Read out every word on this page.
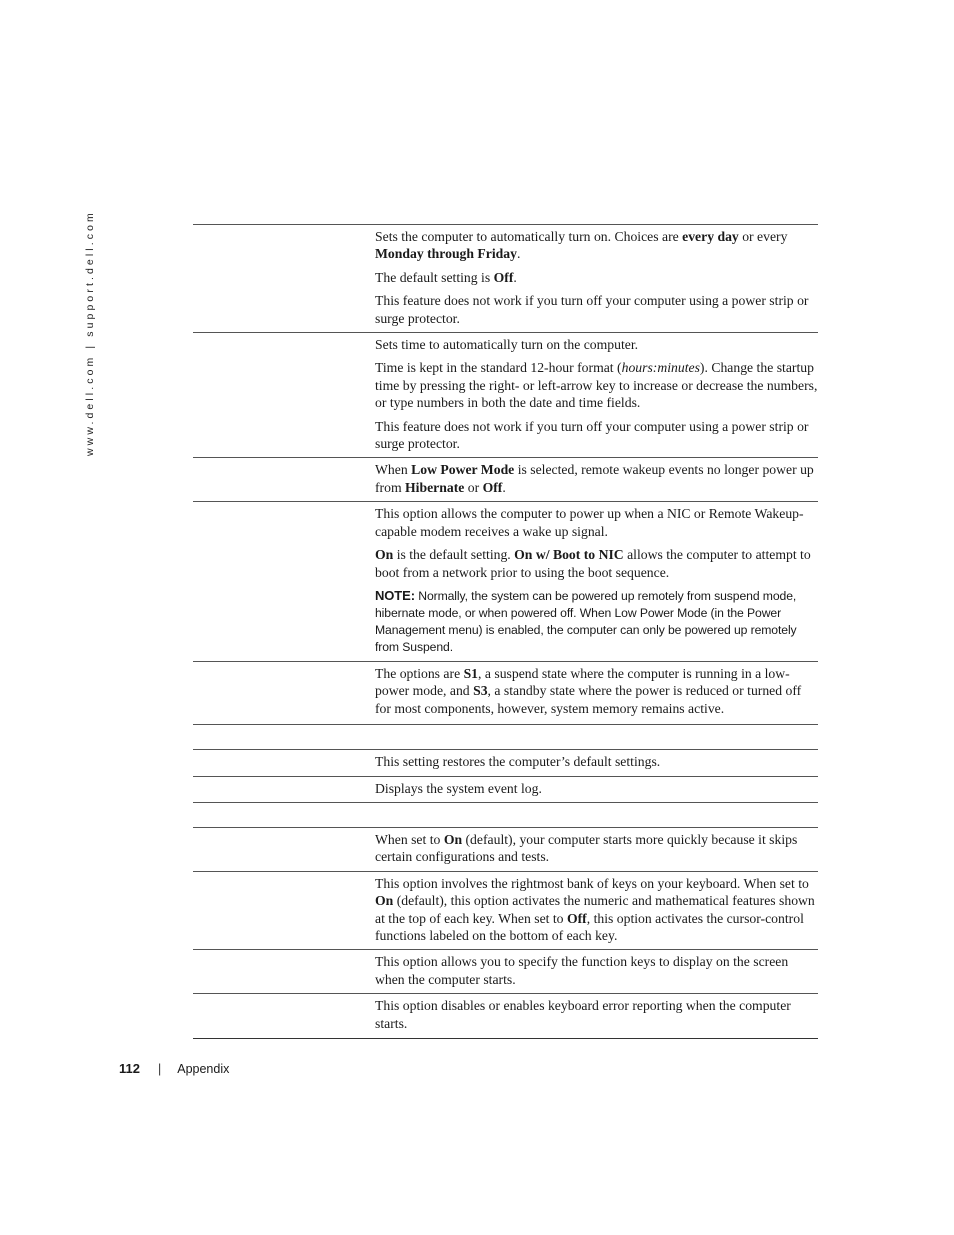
www.dell.com | support.dell.com	Sets the computer to automatically turn on. Choices are every day or every Monday through Friday.

The default setting is Off.

This feature does not work if you turn off your computer using a power strip or surge protector.

Sets time to automatically turn on the computer.

Time is kept in the standard 12-hour format (hours:minutes). Change the startup time by pressing the right- or left-arrow key to increase or decrease the numbers, or type numbers in both the date and time fields.

This feature does not work if you turn off your computer using a power strip or surge protector.

When Low Power Mode is selected, remote wakeup events no longer power up from Hibernate or Off.

This option allows the computer to power up when a NIC or Remote Wakeup-capable modem receives a wake up signal.

On is the default setting. On w/ Boot to NIC allows the computer to attempt to boot from a network prior to using the boot sequence.

NOTE: Normally, the system can be powered up remotely from suspend mode, hibernate mode, or when powered off. When Low Power Mode (in the Power Management menu) is enabled, the computer can only be powered up remotely from Suspend.

The options are S1, a suspend state where the computer is running in a low-power mode, and S3, a standby state where the power is reduced or turned off for most components, however, system memory remains active.

This setting restores the computer’s default settings.

Displays the system event log.

When set to On (default), your computer starts more quickly because it skips certain configurations and tests.

This option involves the rightmost bank of keys on your keyboard. When set to On (default), this option activates the numeric and mathematical features shown at the top of each key. When set to Off, this option activates the cursor-control functions labeled on the bottom of each key.

This option allows you to specify the function keys to display on the screen when the computer starts.

This option disables or enables keyboard error reporting when the computer starts.

112 | Appendix
